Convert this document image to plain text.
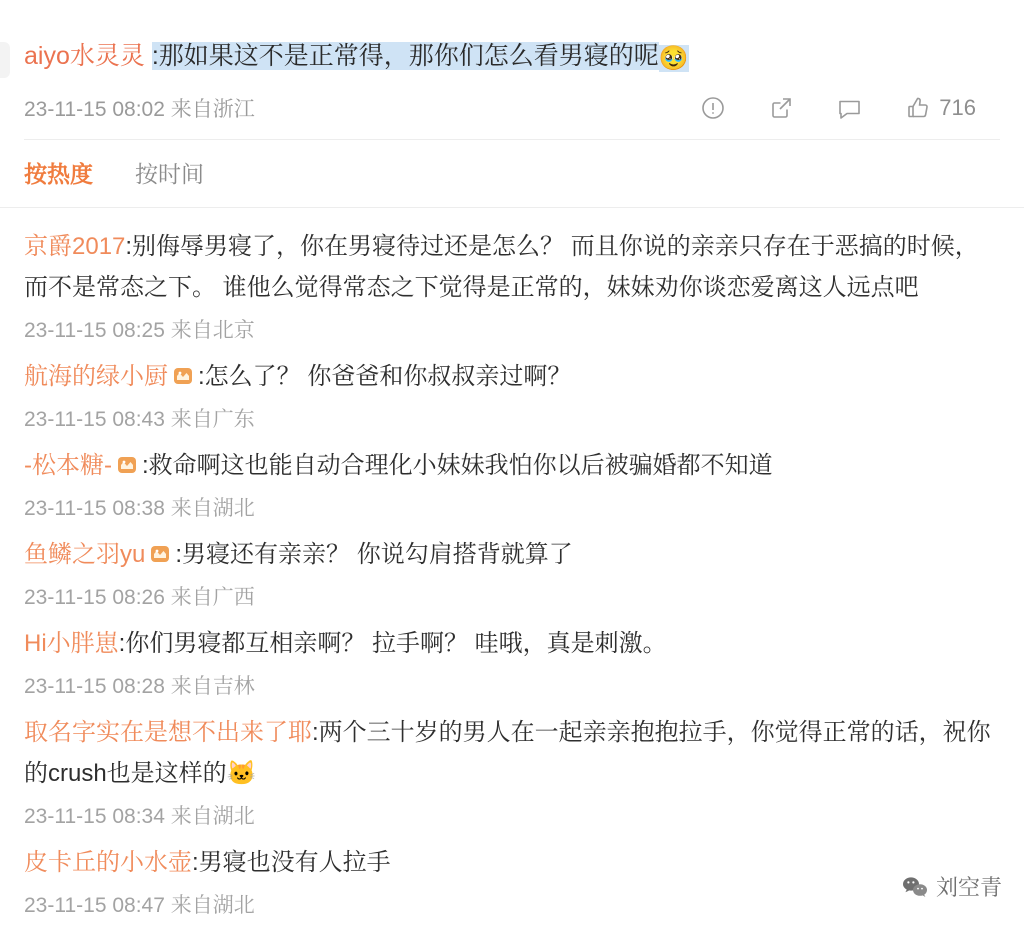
aiyo水灵灵 :那如果这不是正常得，那你们怎么看男寝的呢🥹
23-11-15 08:02 来自浙江	716
按热度 按时间
京爵2017:别侮辱男寝了，你在男寝待过还是怎么？ 而且你说的亲亲只存在于恶搞的时候，而不是常态之下。 谁他么觉得常态之下觉得是正常的，妹妹劝你谈恋爱离这人远点吧
23-11-15 08:25 来自北京
航海的绿小厨 :怎么了？ 你爸爸和你叔叔亲过啊？
23-11-15 08:43 来自广东
-松本糖- :救命啊这也能自动合理化小妹妹我怕你以后被骗婚都不知道
23-11-15 08:38 来自湖北
鱼鳞之羽yu :男寝还有亲亲？ 你说勾肩搭背就算了
23-11-15 08:26 来自广西
Hi小胖崽:你们男寝都互相亲啊？ 拉手啊？ 哇哦，真是刺激。
23-11-15 08:28 来自吉林
取名字实在是想不出来了耶:两个三十岁的男人在一起亲亲抱抱拉手，你觉得正常的话，祝你的crush也是这样的🐱
23-11-15 08:34 来自湖北
皮卡丘的小水壶:男寝也没有人拉手
23-11-15 08:47 来自湖北
刘空青
